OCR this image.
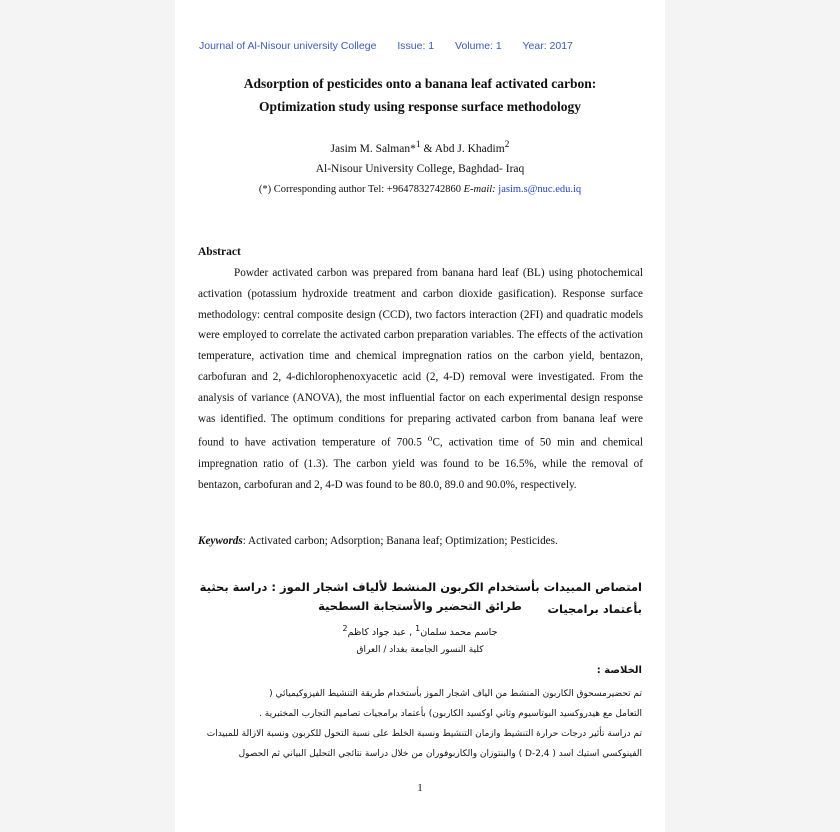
Journal of Al-Nisour university College Issue: 1 Volume: 1 Year: 2017
Adsorption of pesticides onto a banana leaf activated carbon:
Optimization study using response surface methodology
Jasim M. Salman*$^1$ & Abd J. Khadim$^2$
Al-Nisour University College, Baghdad- Iraq
(*) Corresponding author Tel: +9647832742860 E-mail: jasim.s@nuc.edu.iq
Abstract
Powder activated carbon was prepared from banana hard leaf (BL) using photochemical activation (potassium hydroxide treatment and carbon dioxide gasification). Response surface methodology: central composite design (CCD), two factors interaction (2FI) and quadratic models were employed to correlate the activated carbon preparation variables. The effects of the activation temperature, activation time and chemical impregnation ratios on the carbon yield, bentazon, carbofuran and 2, 4-dichlorophenoxyacetic acid (2, 4-D) removal were investigated. From the analysis of variance (ANOVA), the most influential factor on each experimental design response was identified. The optimum conditions for preparing activated carbon from banana leaf were found to have activation temperature of 700.5 $^o$C, activation time of 50 min and chemical impregnation ratio of (1.3). The carbon yield was found to be 16.5%, while the removal of bentazon, carbofuran and 2, 4-D was found to be 80.0, 89.0 and 90.0%, respectively.
Keywords: Activated carbon; Adsorption; Banana leaf; Optimization; Pesticides.
امتصاص المبيدات بأستخدام الكربون المنشط لألياف اشجار الموز : دراسة بحثية بأعتماد برامجيات
طرائق التحضير والأستجابة السطحية
جاسم محمد سلمان$^1$ , عبد جواد كاظم$^2$
كلية النسور الجامعة بغداد / العراق
الخلاصة :
تم تحضيرمسحوق الكاربون المنشط من الياف اشجار الموز بأستخدام طريقة التنشيط الفيزوكيميائي (
التعامل مع هيدروكسيد البوتاسيوم وثاني اوكسيد الكاربون) بأعتماد برامجيات تصاميم التجارب المختبرية .
تم دراسة تأثير درجات حرارة التنشيط وازمان التنشيط ونسبة الخلط على نسبة التحول للكربون ونسبة الازالة للمبيدات
الفينوكسي استيك اسد ( 2,4-D ) والبنتوزان والكاربوفوران من خلال دراسة نتائجي التحليل البياني ثم الحصول
1
